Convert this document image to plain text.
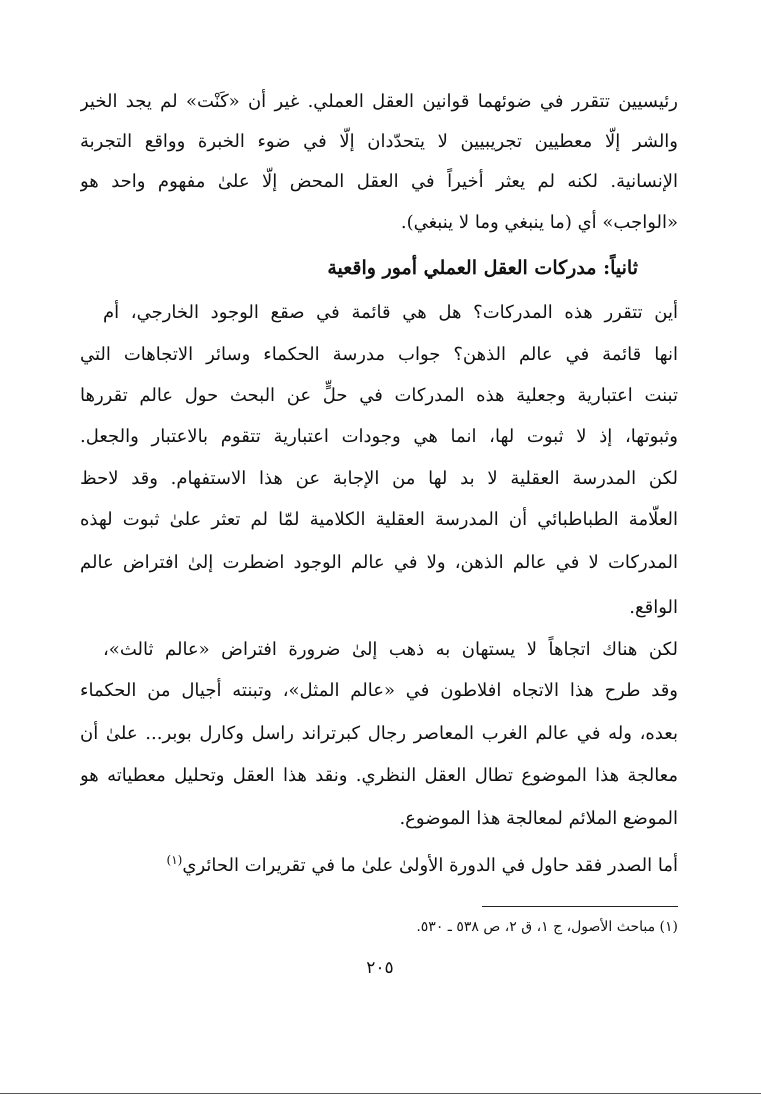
رئيسيين تتقرر في ضوئهما قوانين العقل العملي. غير أن «كَنْت» لم يجد الخير
والشر إلّا معطيين تجريبيين لا يتحدّدان إلّا في ضوء الخبرة وواقع التجربة
الإنسانية. لكنه لم يعثر أخيراً في العقل المحض إلّا علىٰ مفهوم واحد هو
«الواجب» أي (ما ينبغي وما لا ينبغي).
ثانياً: مدركات العقل العملي أمور واقعية
أين تتقرر هذه المدركات؟ هل هي قائمة في صقع الوجود الخارجي، أم
انها قائمة في عالم الذهن؟ جواب مدرسة الحكماء وسائر الاتجاهات التي
تبنت اعتبارية وجعلية هذه المدركات في حلٍّ عن البحث حول عالم تقررها
وثبوتها، إذ لا ثبوت لها، انما هي وجودات اعتبارية تتقوم بالاعتبار والجعل.
لكن المدرسة العقلية لا بد لها من الإجابة عن هذا الاستفهام. وقد لاحظ
العلّامة الطباطبائي أن المدرسة العقلية الكلامية لمّا لم تعثر علىٰ ثبوت لهذه
المدركات لا في عالم الذهن، ولا في عالم الوجود اضطرت إلىٰ افتراض عالم
الواقع.
لكن هناك اتجاهاً لا يستهان به ذهب إلىٰ ضرورة افتراض «عالم ثالث»،
وقد طرح هذا الاتجاه افلاطون في «عالم المثل»، وتبنته أجيال من الحكماء
بعده، وله في عالم الغرب المعاصر رجال كبرتراند راسل وكارل بوبر... علىٰ أن
معالجة هذا الموضوع تطال العقل النظري. ونقد هذا العقل وتحليل معطياته هو
الموضع الملائم لمعالجة هذا الموضوع.
أما الصدر فقد حاول في الدورة الأولىٰ علىٰ ما في تقريرات الحائري$^{(١)}$
(١) مباحث الأصول، ج ١، ق ٢، ص ٥٣٨ ـ ٥٣٠.
٢٠٥
